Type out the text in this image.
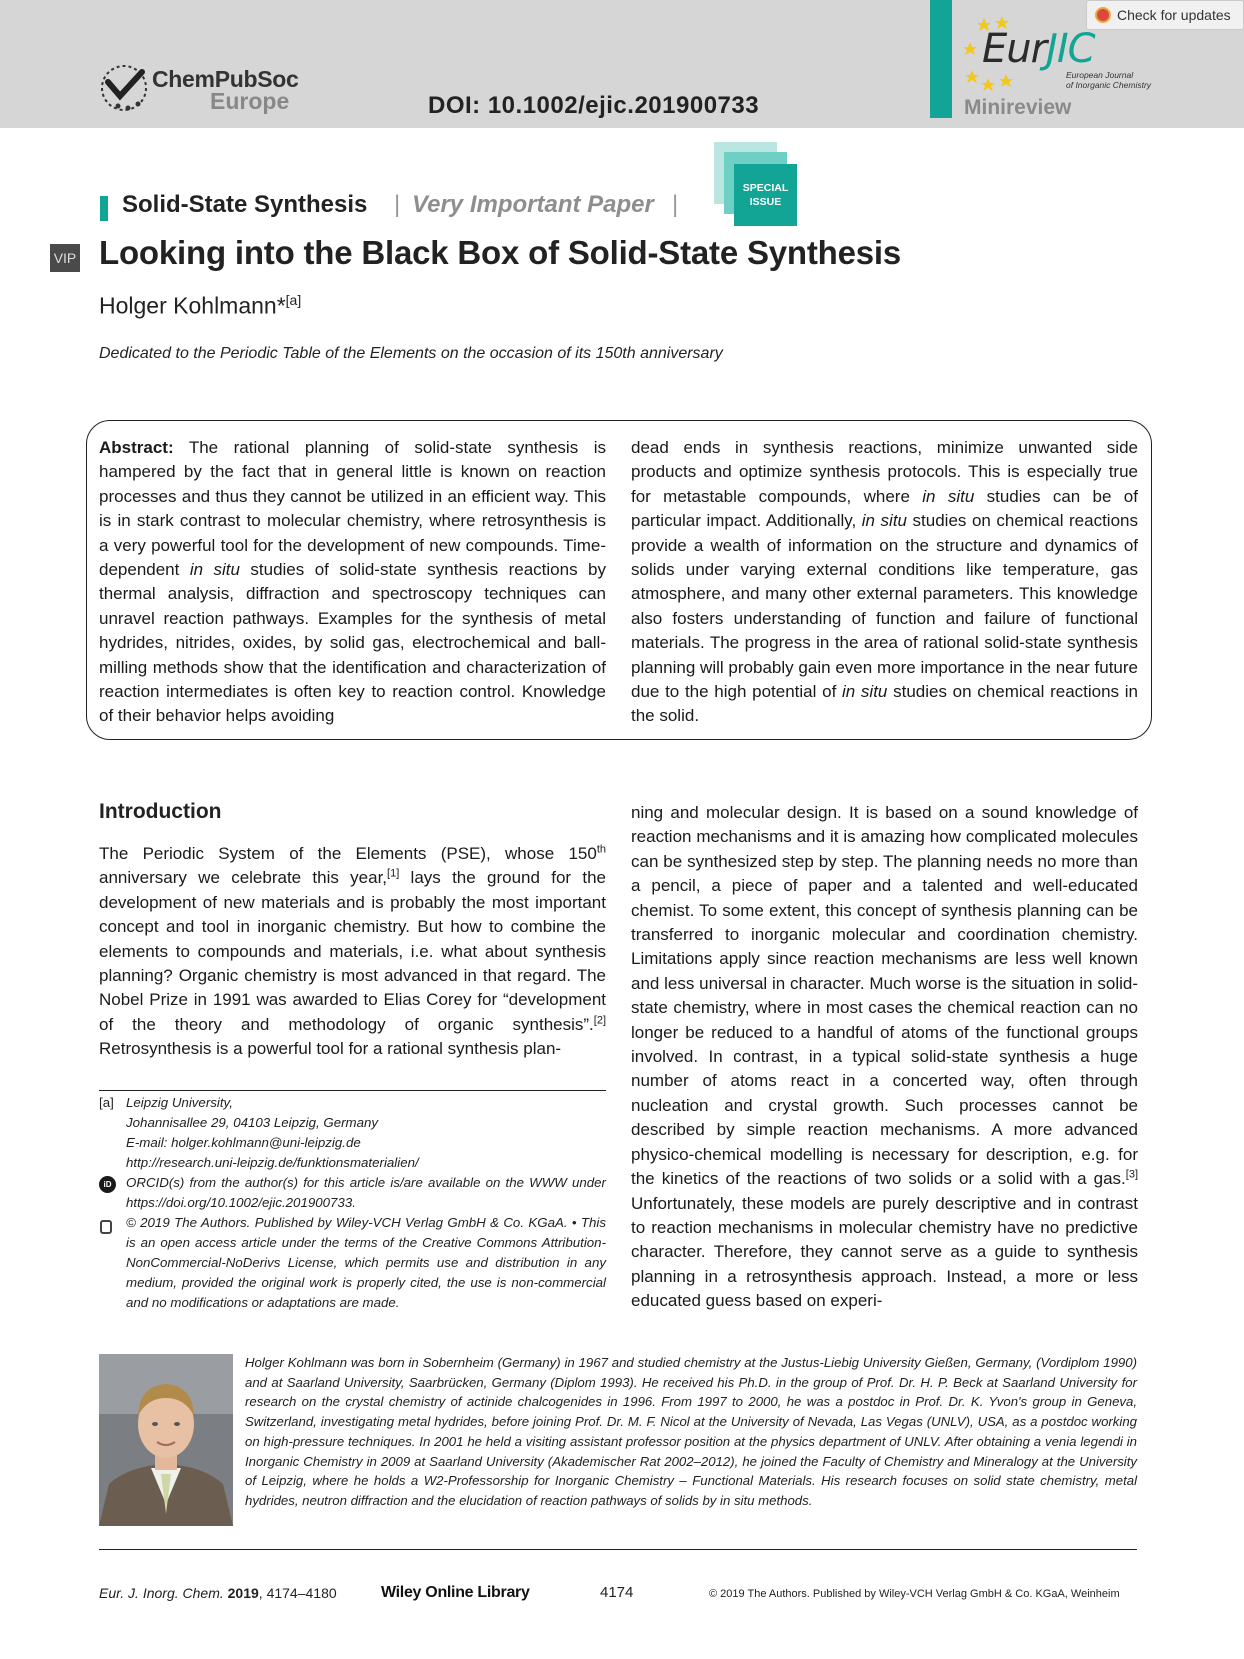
Check for updates
ChemPubSoc
Europe	DOI: 10.1002/ejic.201900733
EurJIC
European Journal
of Inorganic Chemistry
Minireview
Solid-State Synthesis | Very Important Paper |
SPECIAL
ISSUE
VIP Looking into the Black Box of Solid-State Synthesis
Holger Kohlmann*[a]
Dedicated to the Periodic Table of the Elements on the occasion of its 150th anniversary
Abstract: The rational planning of solid-state synthesis is hampered by the fact that in general little is known on reaction processes and thus they cannot be utilized in an efficient way. This is in stark contrast to molecular chemistry, where retrosynthesis is a very powerful tool for the development of new compounds. Time-dependent in situ studies of solid-state synthesis reactions by thermal analysis, diffraction and spectroscopy techniques can unravel reaction pathways. Examples for the synthesis of metal hydrides, nitrides, oxides, by solid gas, electrochemical and ball-milling methods show that the identification and characterization of reaction intermediates is often key to reaction control. Knowledge of their behavior helps avoiding
dead ends in synthesis reactions, minimize unwanted side products and optimize synthesis protocols. This is especially true for metastable compounds, where in situ studies can be of particular impact. Additionally, in situ studies on chemical reactions provide a wealth of information on the structure and dynamics of solids under varying external conditions like temperature, gas atmosphere, and many other external parameters. This knowledge also fosters understanding of function and failure of functional materials. The progress in the area of rational solid-state synthesis planning will probably gain even more importance in the near future due to the high potential of in situ studies on chemical reactions in the solid.
Introduction
The Periodic System of the Elements (PSE), whose 150th anniversary we celebrate this year,[1] lays the ground for the development of new materials and is probably the most important concept and tool in inorganic chemistry. But how to combine the elements to compounds and materials, i.e. what about synthesis planning? Organic chemistry is most advanced in that regard. The Nobel Prize in 1991 was awarded to Elias Corey for “development of the theory and methodology of organic synthesis”.[2] Retrosynthesis is a powerful tool for a rational synthesis plan-
ning and molecular design. It is based on a sound knowledge of reaction mechanisms and it is amazing how complicated molecules can be synthesized step by step. The planning needs no more than a pencil, a piece of paper and a talented and well-educated chemist. To some extent, this concept of synthesis planning can be transferred to inorganic molecular and coordination chemistry. Limitations apply since reaction mechanisms are less well known and less universal in character. Much worse is the situation in solid-state chemistry, where in most cases the chemical reaction can no longer be reduced to a handful of atoms of the functional groups involved. In contrast, in a typical solid-state synthesis a huge number of atoms react in a concerted way, often through nucleation and crystal growth. Such processes cannot be described by simple reaction mechanisms. A more advanced physico-chemical modelling is necessary for description, e.g. for the kinetics of the reactions of two solids or a solid with a gas.[3] Unfortunately, these models are purely descriptive and in contrast to reaction mechanisms in molecular chemistry have no predictive character. Therefore, they cannot serve as a guide to synthesis planning in a retrosynthesis approach. Instead, a more or less educated guess based on experi-
[a] Leipzig University,
Johannisallee 29, 04103 Leipzig, Germany
E-mail: holger.kohlmann@uni-leipzig.de
http://research.uni-leipzig.de/funktionsmaterialien/
iD	ORCID(s) from the author(s) for this article is/are available on the WWW under https://doi.org/10.1002/ejic.201900733.
© 2019 The Authors. Published by Wiley-VCH Verlag GmbH & Co. KGaA. • This is an open access article under the terms of the Creative Commons Attribution-NonCommercial-NoDerivs License, which permits use and distribution in any medium, provided the original work is properly cited, the use is non-commercial and no modifications or adaptations are made.
Holger Kohlmann was born in Sobernheim (Germany) in 1967 and studied chemistry at the Justus-Liebig University Gießen, Germany, (Vordiplom 1990) and at Saarland University, Saarbrücken, Germany (Diplom 1993). He received his Ph.D. in the group of Prof. Dr. H. P. Beck at Saarland University for research on the crystal chemistry of actinide chalcogenides in 1996. From 1997 to 2000, he was a postdoc in Prof. Dr. K. Yvon's group in Geneva, Switzerland, investigating metal hydrides, before joining Prof. Dr. M. F. Nicol at the University of Nevada, Las Vegas (UNLV), USA, as a postdoc working on high-pressure techniques. In 2001 he held a visiting assistant professor position at the physics department of UNLV. After obtaining a venia legendi in Inorganic Chemistry in 2009 at Saarland University (Akademischer Rat 2002–2012), he joined the Faculty of Chemistry and Mineralogy at the University of Leipzig, where he holds a W2-Professorship for Inorganic Chemistry – Functional Materials. His research focuses on solid state chemistry, metal hydrides, neutron diffraction and the elucidation of reaction pathways of solids by in situ methods.
Eur. J. Inorg. Chem. 2019, 4174–4180	Wiley Online Library	4174	© 2019 The Authors. Published by Wiley-VCH Verlag GmbH & Co. KGaA, Weinheim
